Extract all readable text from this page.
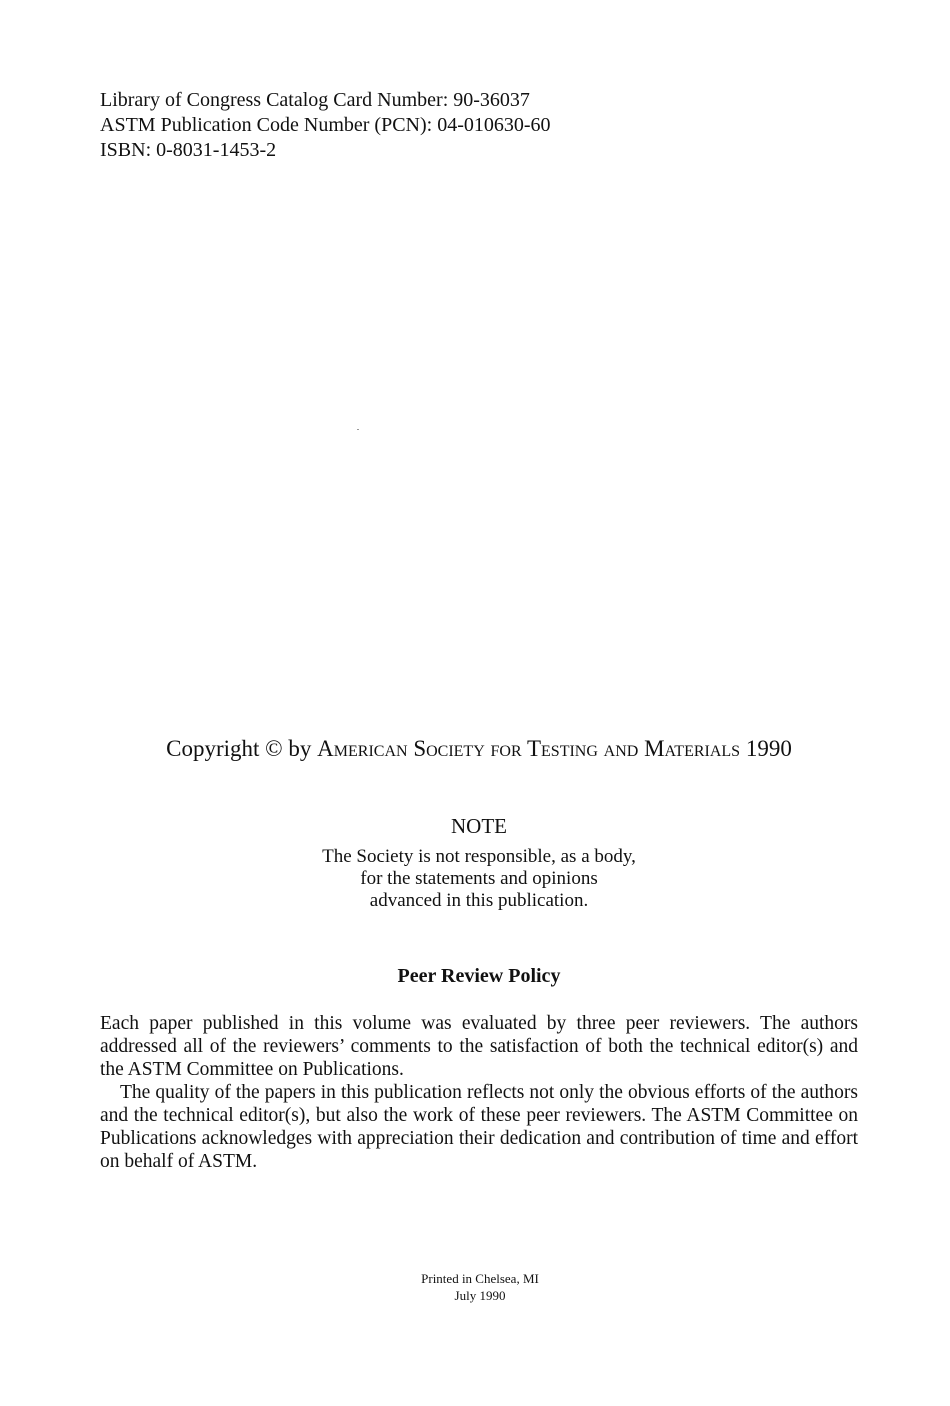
Library of Congress Catalog Card Number: 90-36037
ASTM Publication Code Number (PCN): 04-010630-60
ISBN: 0-8031-1453-2
Copyright © by American Society for Testing and Materials 1990
NOTE
The Society is not responsible, as a body,
for the statements and opinions
advanced in this publication.
Peer Review Policy

Each paper published in this volume was evaluated by three peer reviewers. The authors addressed all of the reviewers’ comments to the satisfaction of both the technical editor(s) and the ASTM Committee on Publications.

The quality of the papers in this publication reflects not only the obvious efforts of the authors and the technical editor(s), but also the work of these peer reviewers. The ASTM Committee on Publications acknowledges with appreciation their dedication and contribution of time and effort on behalf of ASTM.

Printed in Chelsea, MI
July 1990
